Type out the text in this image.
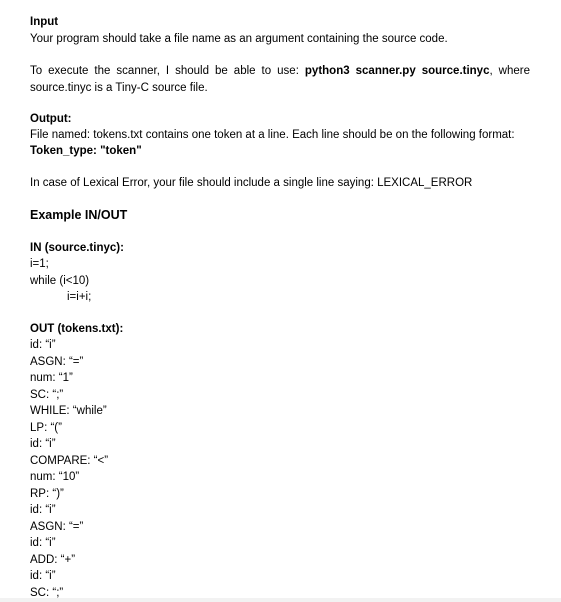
Input
Your program should take a file name as an argument containing the source code.
To execute the scanner, I should be able to use: python3 scanner.py source.tinyc, where source.tinyc is a Tiny-C source file.
Output:
File named: tokens.txt contains one token at a line. Each line should be on the following format:
Token_type: "token"
In case of Lexical Error, your file should include a single line saying: LEXICAL_ERROR
Example IN/OUT
IN (source.tinyc):
i=1;
while (i<10)
i=i+i;
OUT (tokens.txt):
id: “i”
ASGN: “=”
num: “1”
SC: “;”
WHILE: “while”
LP: “(”
id: “i”
COMPARE: “<”
num: “10”
RP: “)”
id: “i”
ASGN: “=”
id: “i”
ADD: “+”
id: “i”
SC: “;”
